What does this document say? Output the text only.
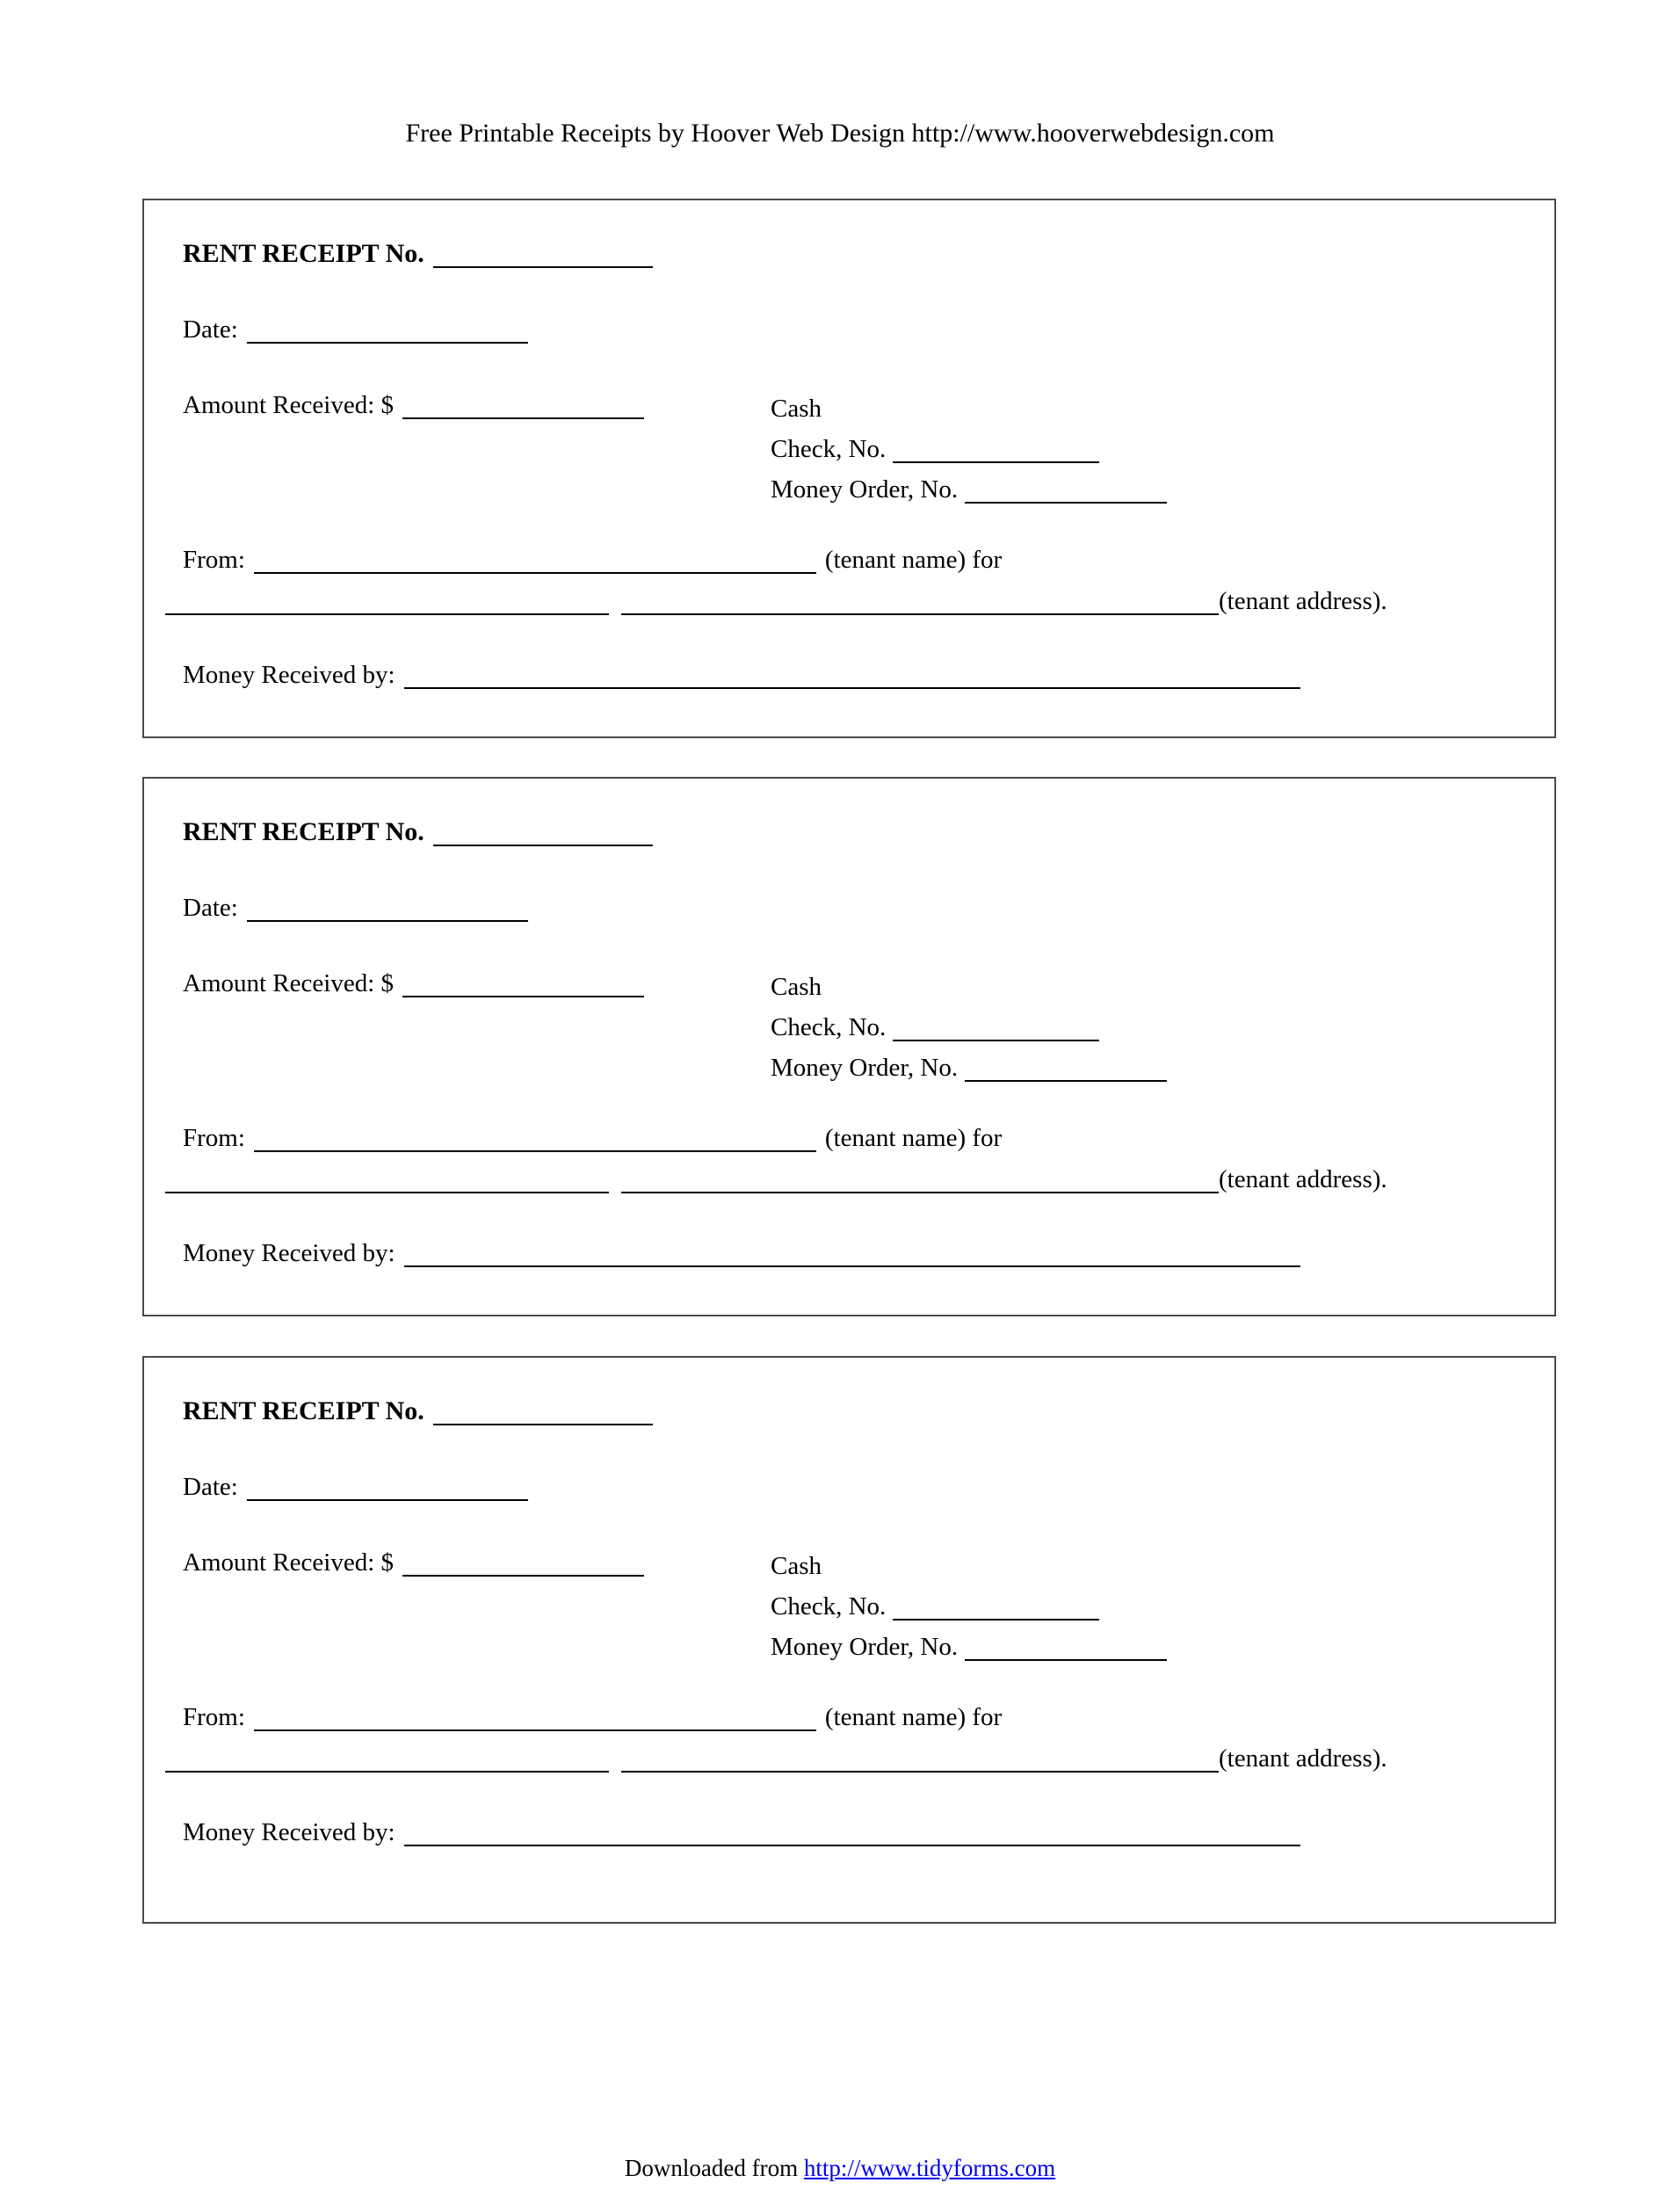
Free Printable Receipts by Hoover Web Design http://www.hooverwebdesign.com
RENT RECEIPT No.
Date:
Amount Received: $	Cash
Check, No.
Money Order, No.
From:	(tenant name) for
(tenant address).
Money Received by:
RENT RECEIPT No.
Date:
Amount Received: $	Cash
Check, No.
Money Order, No.
From:	(tenant name) for
(tenant address).
Money Received by:
RENT RECEIPT No.
Date:
Amount Received: $	Cash
Check, No.
Money Order, No.
From:	(tenant name) for
(tenant address).
Money Received by:
Downloaded from http://www.tidyforms.com
